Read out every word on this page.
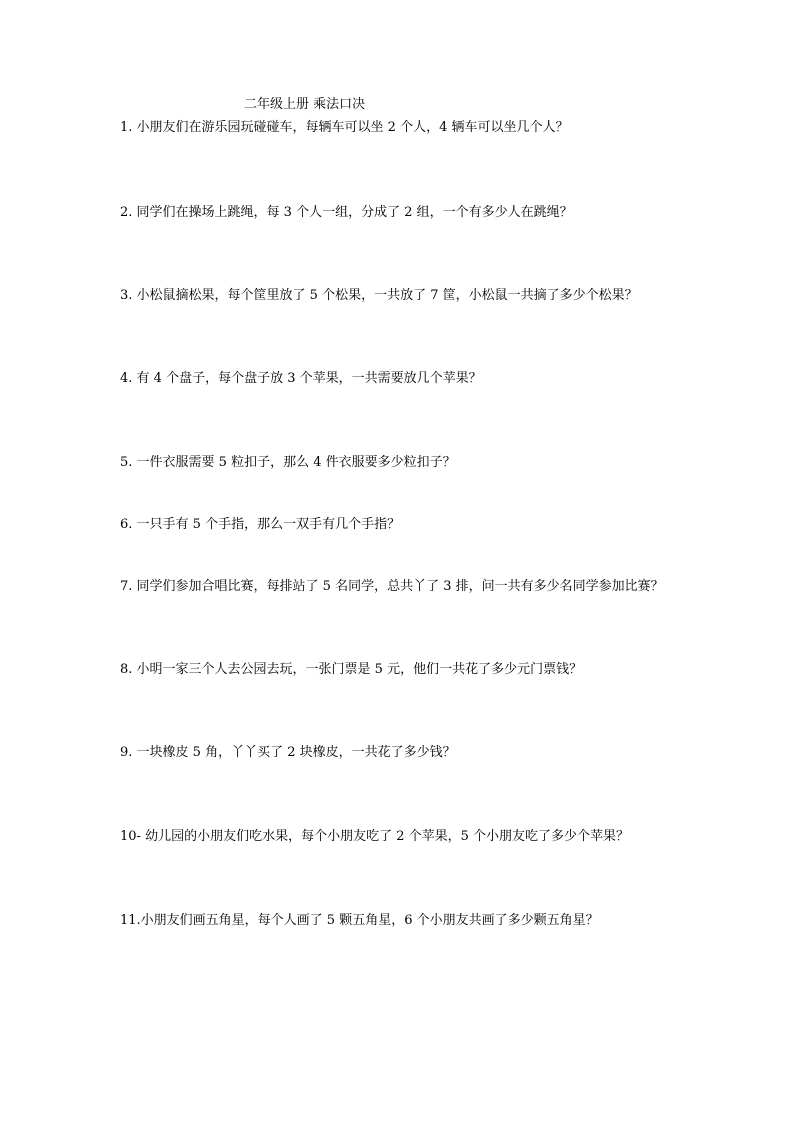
二年级上册 乘法口决
1. 小朋友们在游乐园玩碰碰车，每辆车可以坐 2 个人，4 辆车可以坐几个人？
2. 同学们在操场上跳绳，每 3 个人一组，分成了 2 组，一个有多少人在跳绳？
3. 小松鼠摘松果，每个筐里放了 5 个松果，一共放了 7 筐，小松鼠一共摘了多少个松果？
4. 有 4 个盘子，每个盘子放 3 个苹果，一共需要放几个苹果？
5. 一件衣服需要 5 粒扣子，那么 4 件衣服要多少粒扣子？
6. 一只手有 5 个手指，那么一双手有几个手指？
7. 同学们参加合唱比赛，每排站了 5 名同学，总共丫了 3 排，问一共有多少名同学参加比赛？
8. 小明一家三个人去公园去玩，一张门票是 5 元，他们一共花了多少元门票钱？
9. 一块橡皮 5 角，丫丫买了 2 块橡皮，一共花了多少钱？
10- 幼儿园的小朋友们吃水果，每个小朋友吃了 2 个苹果，5 个小朋友吃了多少个苹果？
11.小朋友们画五角星，每个人画了 5 颗五角星，6 个小朋友共画了多少颗五角星？
